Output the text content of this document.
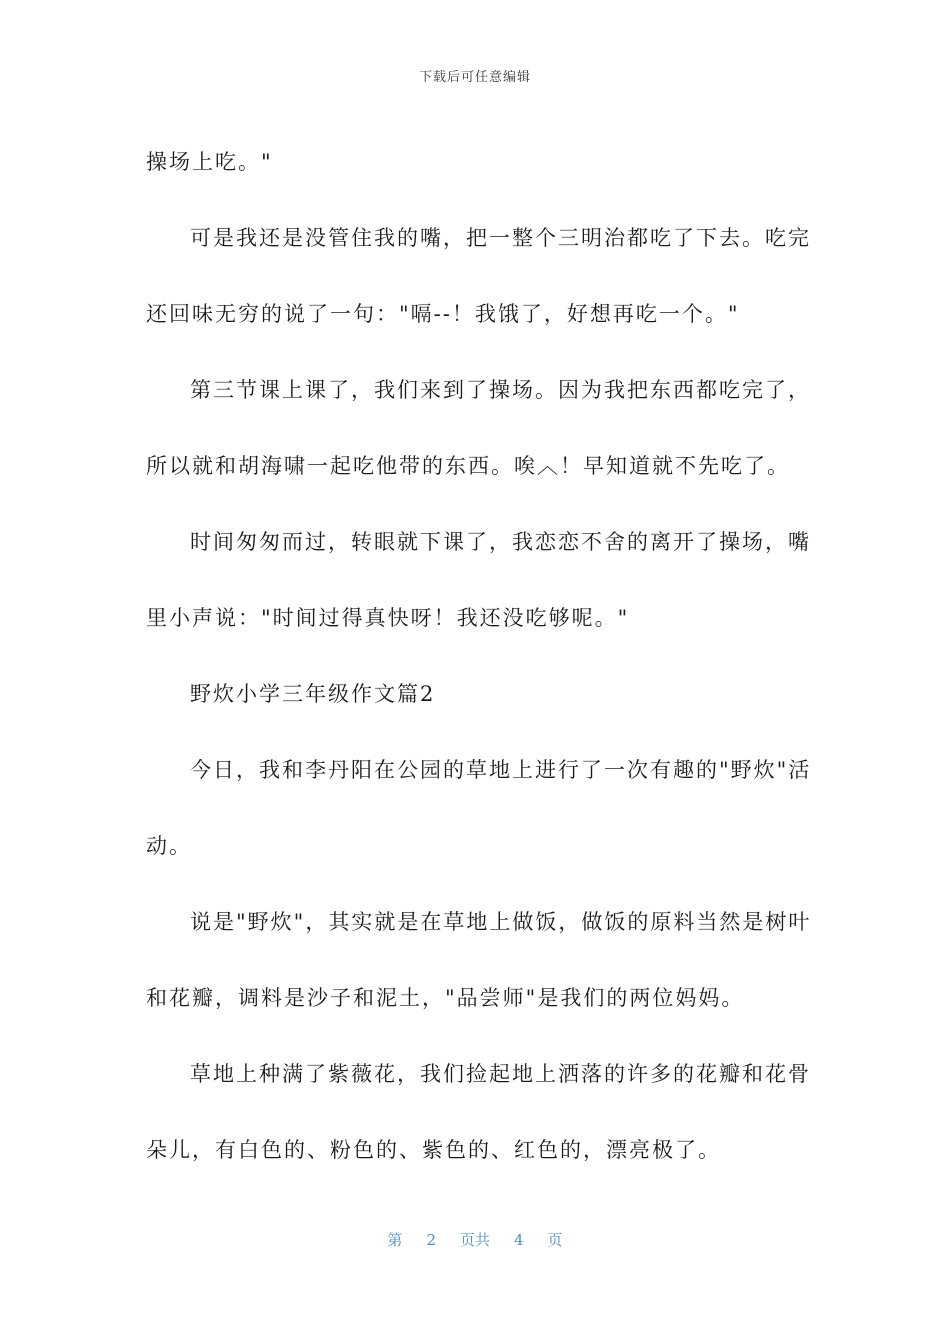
下载后可任意编辑

操场上吃。"

可是我还是没管住我的嘴，把一整个三明治都吃了下去。吃完

还回味无穷的说了一句："嗝--！我饿了，好想再吃一个。"

第三节课上课了，我们来到了操场。因为我把东西都吃完了，

所以就和胡海啸一起吃他带的东西。唉︿！早知道就不先吃了。

时间匆匆而过，转眼就下课了，我恋恋不舍的离开了操场，嘴

里小声说："时间过得真快呀！我还没吃够呢。"

野炊小学三年级作文篇2

今日，我和李丹阳在公园的草地上进行了一次有趣的"野炊"活

动。

说是"野炊"，其实就是在草地上做饭，做饭的原料当然是树叶

和花瓣，调料是沙子和泥土，"品尝师"是我们的两位妈妈。

草地上种满了紫薇花，我们捡起地上洒落的许多的花瓣和花骨

朵儿，有白色的、粉色的、紫色的、红色的，漂亮极了。

第 2 页共 4 页
